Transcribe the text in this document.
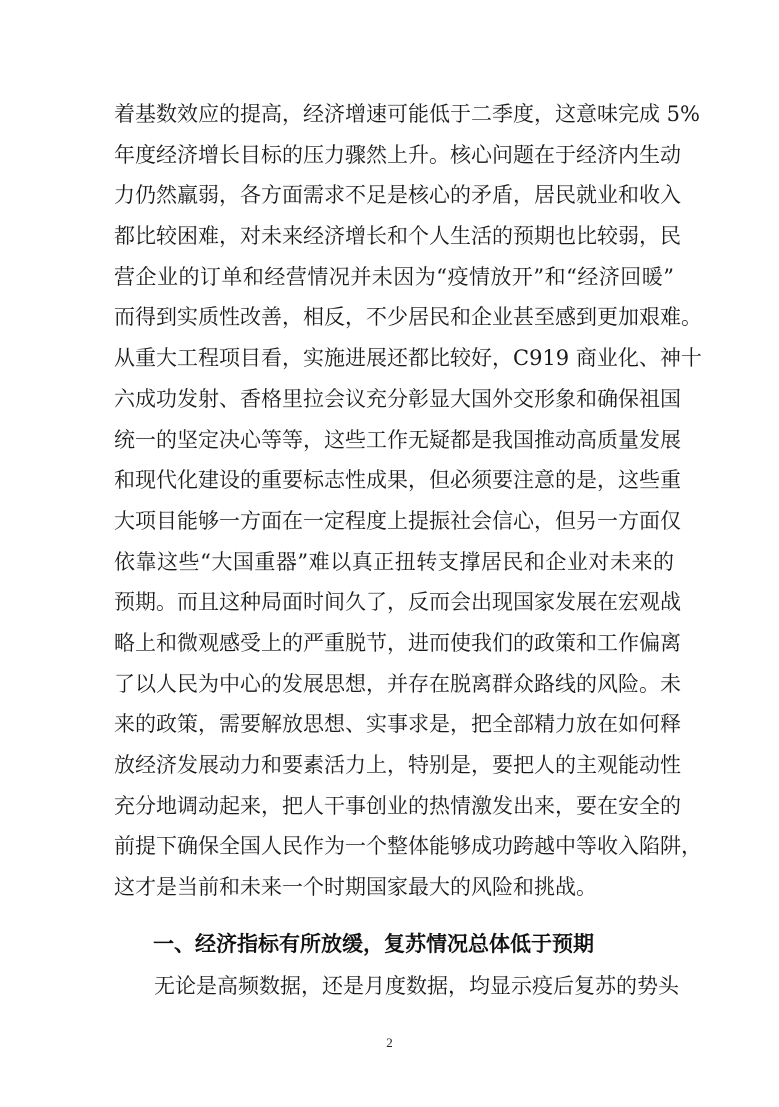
着基数效应的提高，经济增速可能低于二季度，这意味完成 5%
年度经济增长目标的压力骤然上升。核心问题在于经济内生动
力仍然羸弱，各方面需求不足是核心的矛盾，居民就业和收入
都比较困难，对未来经济增长和个人生活的预期也比较弱，民
营企业的订单和经营情况并未因为“疫情放开”和“经济回暖”
而得到实质性改善，相反，不少居民和企业甚至感到更加艰难。
从重大工程项目看，实施进展还都比较好，C919 商业化、神十
六成功发射、香格里拉会议充分彰显大国外交形象和确保祖国
统一的坚定决心等等，这些工作无疑都是我国推动高质量发展
和现代化建设的重要标志性成果，但必须要注意的是，这些重
大项目能够一方面在一定程度上提振社会信心，但另一方面仅
依靠这些“大国重器”难以真正扭转支撑居民和企业对未来的
预期。而且这种局面时间久了，反而会出现国家发展在宏观战
略上和微观感受上的严重脱节，进而使我们的政策和工作偏离
了以人民为中心的发展思想，并存在脱离群众路线的风险。未
来的政策，需要解放思想、实事求是，把全部精力放在如何释
放经济发展动力和要素活力上，特别是，要把人的主观能动性
充分地调动起来，把人干事创业的热情激发出来，要在安全的
前提下确保全国人民作为一个整体能够成功跨越中等收入陷阱，
这才是当前和未来一个时期国家最大的风险和挑战。
一、经济指标有所放缓，复苏情况总体低于预期
无论是高频数据，还是月度数据，均显示疫后复苏的势头
2
